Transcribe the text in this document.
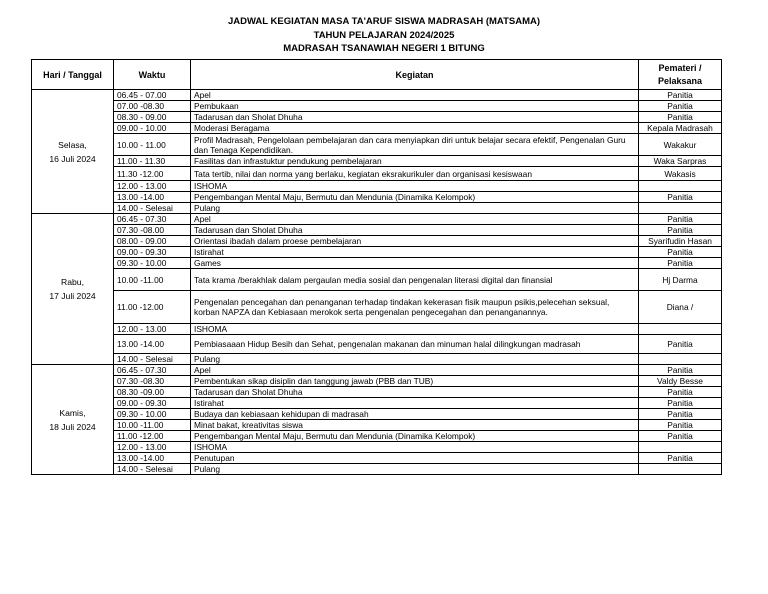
JADWAL KEGIATAN MASA TA'ARUF SISWA MADRASAH (MATSAMA)
TAHUN PELAJARAN 2024/2025
MADRASAH TSANAWIAH NEGERI 1 BITUNG
Hari / Tanggal	Waktu	Kegiatan	Pemateri / Pelaksana

Selasa,
16 Juli 2024	06.45 - 07.00	Apel	Panitia
	07.00 -08.30	Pembukaan	Panitia
	08.30 - 09.00	Tadarusan dan Sholat Dhuha	Panitia
	09.00 - 10.00	Moderasi Beragama	Kepala Madrasah
	10.00 - 11.00	Profil Madrasah, Pengelolaan pembelajaran dan cara menyiapkan diri untuk belajar secara efektif, Pengenalan Guru dan Tenaga Kependidikan.	Wakakur
	11.00 - 11.30	Fasilitas dan infrastuktur pendukung pembelajaran	Waka Sarpras
	11.30 -12.00	Tata tertib, nilai dan norma yang berlaku, kegiatan eksrakurikuler dan organisasi kesiswaan	Wakasis
	12.00 - 13.00	ISHOMA	
	13.00 -14.00	Pengembangan Mental Maju, Bermutu dan Mendunia (Dinamika Kelompok)	Panitia
	14.00 - Selesai	Pulang	

Rabu,
17 Juli 2024	06.45 - 07.30	Apel	Panitia
	07.30 -08.00	Tadarusan dan Sholat Dhuha	Panitia
	08.00 - 09.00	Orientasi ibadah dalam proese pembelajaran	Syarifudin Hasan
	09.00 - 09.30	Istirahat	Panitia
	09.30 - 10.00	Games	Panitia
	10.00 -11.00	Tata krama /berakhlak dalam pergaulan media sosial dan pengenalan literasi digital dan finansial	Hj Darma
	11.00 -12.00	Pengenalan pencegahan dan penanganan terhadap tindakan kekerasan fisik maupun psikis,pelecehan seksual, korban NAPZA dan Kebiasaan merokok serta pengenalan pengecegahan dan penanganannya.	Diana /
	12.00 - 13.00	ISHOMA	
	13.00 -14.00	Pembiasaaan Hidup Besih dan Sehat, pengenalan makanan dan minuman halal dilingkungan madrasah	Panitia
	14.00 - Selesai	Pulang	

Kamis,
18 Juli 2024	06.45 - 07.30	Apel	Panitia
	07.30 -08.30	Pembentukan sikap disiplin dan tanggung jawab (PBB dan TUB)	Valdy Besse
	08.30 -09.00	Tadarusan dan Sholat Dhuha	Panitia
	09.00 - 09.30	Istirahat	Panitia
	09.30 - 10.00	Budaya dan kebiasaan kehidupan di madrasah	Panitia
	10.00 -11.00	Minat bakat, kreativitas siswa	Panitia
	11.00 -12.00	Pengembangan Mental Maju, Bermutu dan Mendunia (Dinamika Kelompok)	Panitia
	12.00 - 13.00	ISHOMA	
	13.00 -14.00	Penutupan	Panitia
	14.00 - Selesai	Pulang	
